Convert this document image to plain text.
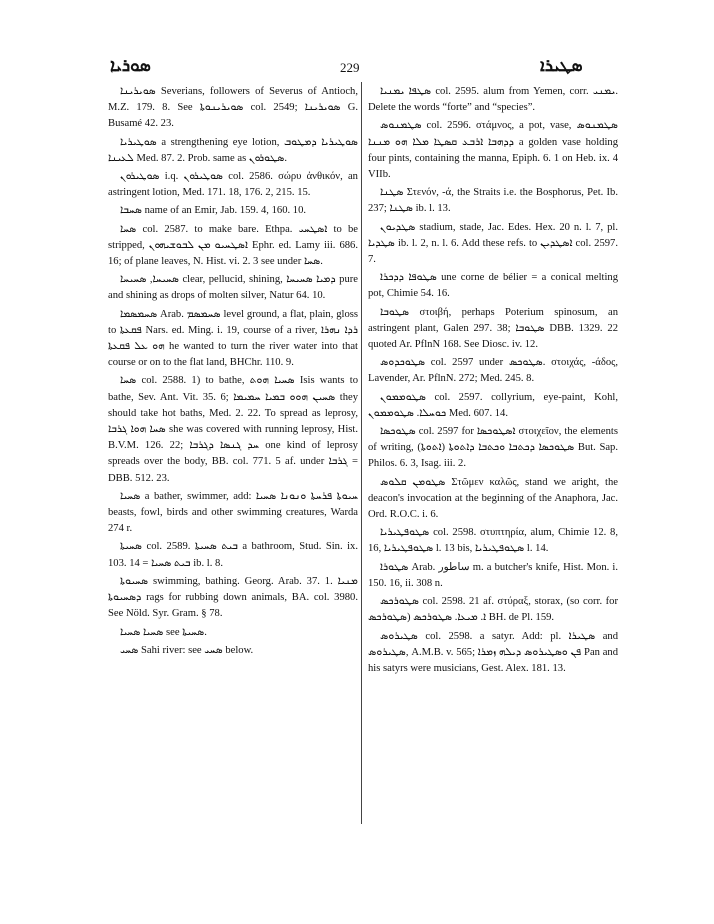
ܣܘܪܝܐ	229	ܣܛܝܪܐ

ܣܘܝܪܝܢܐ Severians, followers of Severus of Antioch, M.Z. 179. 8. See ܣܘܝܪܝܢܘܬܐ col. 2549; ܣܘܝܪܝܢܐ G. Busamé 42. 23.

ܣܘܛܝܪܝܐ a strengthening eye lotion, ܣܘܛܝܪܝܐ ܕܡܛܘܒ ܠܥܝܢܐ Med. 87. 2. Prob. same as ܣܛܘܪܘܢ.

ܣܘܛܝܪܘܢ i.q. ܣܘܛܝܪܘܢ col. 2586. σώρυ ἀνθικόν, an astringent lotion, Med. 171. 18, 176. 2, 215. 15.

ܣܚܒܐ name of an Emir, Jab. 159. 4, 160. 10.

ܣܚܐ col. 2587. to make bare. Ethpa. ܐܣܛܚܝ to be stripped, ܐܣܛܚܝܘ ܡܢ ܠܒܘܫܝܗܘܢ Ephr. ed. Lamy iii. 686. 16; of plane leaves, N. Hist. vi. 2. 3 see under ܣܚܐ.

ܣܚܝܚܐ, ܣܚܝܚܐ clear, pellucid, shining, ܕܡܝܐ ܣܚܝܚܐ pure and shining as drops of molten silver, Natur 64. 10.

ܣܚܡܣܡܐ Arab. ܣܚܡܣܡ level ground, a flat, plain, gloss to ܦܩܥܬܐ Nars. ed. Ming. i. 19, course of a river, ܪܕܐ ܢܗܪܐ ܗܘ ܥܠ ܦܩܥܬܐ he wanted to turn the river water into that course or on to the flat land, BHChr. 110. 9.

ܣܚܐ col. 2588. 1) to bathe, ܣܚܝܐ ܗܘܬ Isis wants to bathe, Sev. Ant. Vit. 35. 6; ܣܚܝܢ ܗܘܘ ܒܡܝܐ ܚܡܝܡܐ they should take hot baths, Med. 2. 22. To spread as leprosy, ܣܚܐ ܗܘܐ ܓܪܒܐ she was covered with running leprosy, Hist. B.V.M. 126. 22; ܚܕ ܓܢܣܐ ܕܓܪܒܐ one kind of leprosy spreads over the body, BB. col. 771. 5 af. under ܓܪܒܐ = DBB. 512. 23.

ܣܚܝܐ a bather, swimmer, add: ܚܝܘܬܐ ܦܪܚܬܐ ܘܢܘܢܐ ܣܚܝܐ beasts, fowl, birds and other swimming creatures, Warda 274 r.

ܣܚܝܬܐ col. 2589. ܒܝܬ ܣܚܝܬܐ a bathroom, Stud. Sin. ix. 103. 14 = ܒܝܬ ܣܚܝܐ ib. l. 8.

ܣܚܝܘܬܐ swimming, bathing. Georg. Arab. 37. 1. ܡܢܝܐ ܕܣܚܝܘܬܐ rags for rubbing down animals, BA. col. 3980. See Nöld. Syr. Gram. § 78.

ܣܚܝܐ ܣܚܝܐ see ܣܚܝܬܐ.

ܣܚܝ Sahi river: see ܣܚܝ below.

ܣܛܦܐ ܝܡܢܝܐ col. 2595. alum from Yemen, corr. ܝܡܢܝ. Delete the words “forte” and “species”.

ܣܛܡܢܘܣ col. 2596. στάμνος, a pot, vase, ܣܛܡܢܘܣ ܕܕܗܒܐ ܐܪܒܥ ܩܣܛܐ ܡܠܐ ܗܘ ܡܢܢܐ a golden vase holding four pints, containing the manna, Epiph. 6. 1 on Heb. ix. 4 VIIb.

ܣܛܢܐ Στενόν, -ά, the Straits i.e. the Bosphorus, Pet. Ib. 237; ܣܛܢܐ ib. l. 13.

ܣܛܕܝܘܢ stadium, stade, Jac. Edes. Hex. 20 n. l. 7, pl. ܣܛܕܝܐ ib. l. 2, n. l. 6. Add these refs. to ܐܣܛܕܝܢ col. 2597. 7.

ܣܛܘܦܐ ܕܕܟܪܐ une corne de bélier = a conical melting pot, Chimie 54. 16.

ܣܛܘܒܐ στοιβή, perhaps Poterium spinosum, an astringent plant, Galen 297. 38; ܣܛܘܒܐ DBB. 1329. 22 quoted Ar. PflnN 168. See Diosc. iv. 12.

ܣܛܘܟܕܘܣ col. 2597 under ܣܛܘܟܣ. στοιχάς, -άδος, Lavender, Ar. PflnN. 272; Med. 245. 8.

ܣܛܘܡܡܘܢ col. 2597. collyrium, eye-paint, Kohl, ܟܘܚܠܐ. ܣܛܘܡܡܘܢ Med. 607. 14.

ܣܛܘܟܣܐ col. 2597 for ܐܣܛܘܟܣܐ στοιχεῖον, the elements of writing, ܣܛܘܟܣܐ ܕܟܬܒܐ ܘܟܬܒܐ ܕܐܬܘܬܐ (ܐܬܘܬܐ) But. Sap. Philos. 6. 3, Isag. iii. 2.

ܣܛܘܡܢ ܩܠܘܣ Στῶμεν καλῶς, stand we aright, the deacon's invocation at the beginning of the Anaphora, Jac. Ord. R.O.C. i. 6.

ܣܛܘܦܛܝܪܝܐ col. 2598. στυπτηρία, alum, Chimie 12. 8, 16, ܣܛܘܦܛܝܪܝܐ l. 13 bis, ܣܛܘܦܛܝܪܝܐ l. 14.

ܣܛܘܪܐ Arab. ساطور m. a butcher's knife, Hist. Mon. i. 150. 16, ii. 308 n.

ܣܛܘܪܟܣ col. 2598. 21 af. στύραξ, storax, (so corr. for ܣܛܘܪܟܣ) ܐ. ܡܝܥܐ. ܣܛܘܪܟܣ BH. de Pl. 159.

ܣܛܝܪܘܣ col. 2598. a satyr. Add: pl. ܣܛܝܪܐ and ܣܛܝܪܘܣ, A.M.B. v. 565; ܦܢ ܘܣܛܝܪܘܣ ܕܝܠܗ ܙܡܪܐ Pan and his satyrs were musicians, Gest. Alex. 181. 13.
